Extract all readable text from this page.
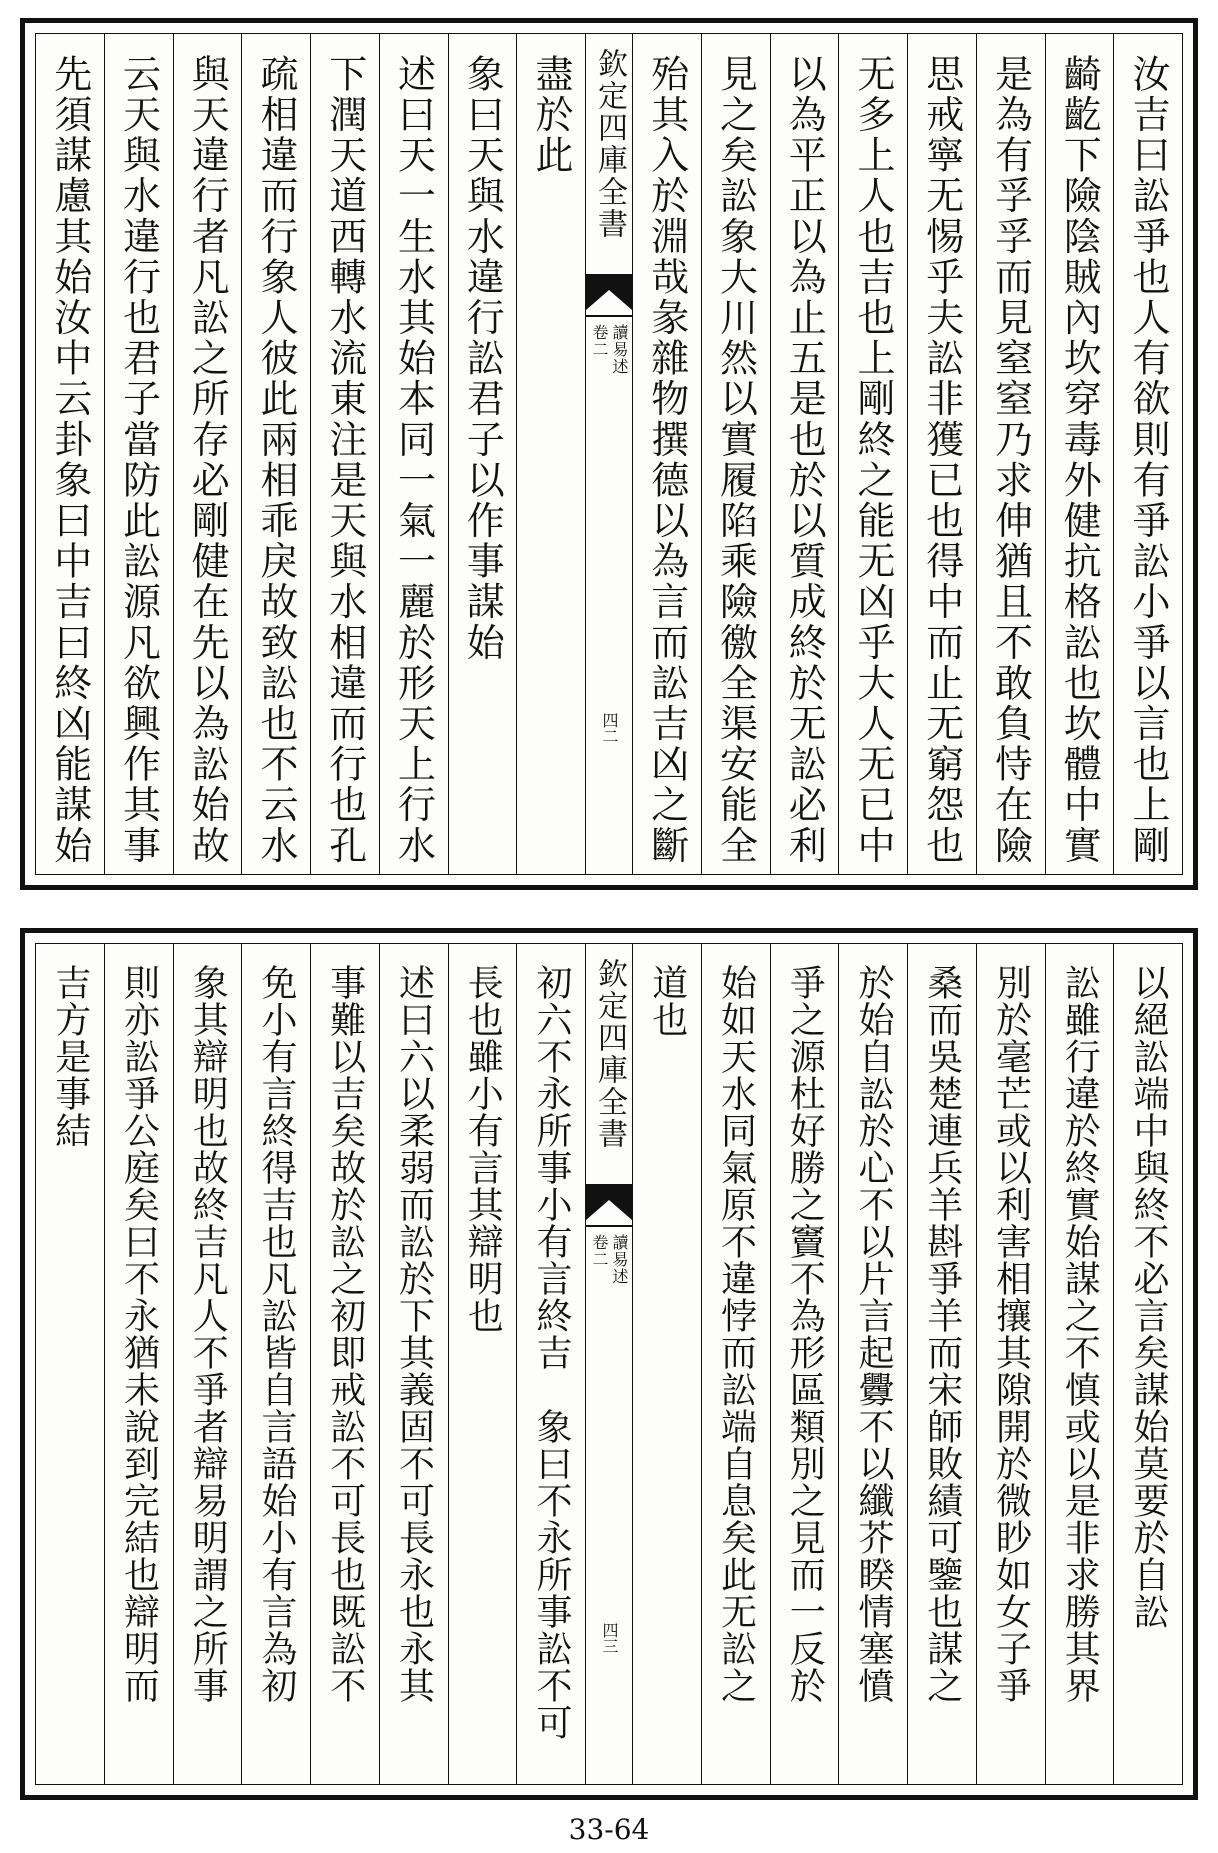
汝吉曰訟爭也人有欲則有爭訟小爭以言也上剛
齮齕下險陰賊內坎穿毒外健抗格訟也坎體中實
是為有孚孚而見窒窒乃求伸猶且不敢負恃在險
思戒寧无惕乎夫訟非獲已也得中而止无窮怨也
无多上人也吉也上剛終之能无凶乎大人无已中
以為平正以為止五是也於以質成終於无訟必利
見之矣訟象大川然以實履陷乘險徼全渠安能全
殆其入於淵哉彖雜物撰德以為言而訟吉凶之斷
欽定四庫全書
讀易述
卷二
四二
盡於此
象曰天與水違行訟君子以作事謀始
述曰天一生水其始本同一氣一麗於形天上行水
下潤天道西轉水流東注是天與水相違而行也孔
疏相違而行象人彼此兩相乖戾故致訟也不云水
與天違行者凡訟之所存必剛健在先以為訟始故
云天與水違行也君子當防此訟源凡欲興作其事
先須謀慮其始汝中云卦象曰中吉曰終凶能謀始
以絕訟端中與終不必言矣謀始莫要於自訟
訟雖行違於終實始謀之不慎或以是非求勝其界
別於毫芒或以利害相攘其隙開於微眇如女子爭
桑而吳楚連兵羊斟爭羊而宋師敗績可鑒也謀之
於始自訟於心不以片言起釁不以纖芥睽情塞憤
爭之源杜好勝之竇不為形區類別之見而一反於
始如天水同氣原不違悖而訟端自息矣此无訟之
道也
欽定四庫全書
讀易述
卷二
四三
初六不永所事小有言終吉　象曰不永所事訟不可
長也雖小有言其辯明也
述曰六以柔弱而訟於下其義固不可長永也永其
事難以吉矣故於訟之初即戒訟不可長也既訟不
免小有言終得吉也凡訟皆自言語始小有言為初
象其辯明也故終吉凡人不爭者辯易明謂之所事
則亦訟爭公庭矣曰不永猶未說到完結也辯明而
吉方是事結
33-64
